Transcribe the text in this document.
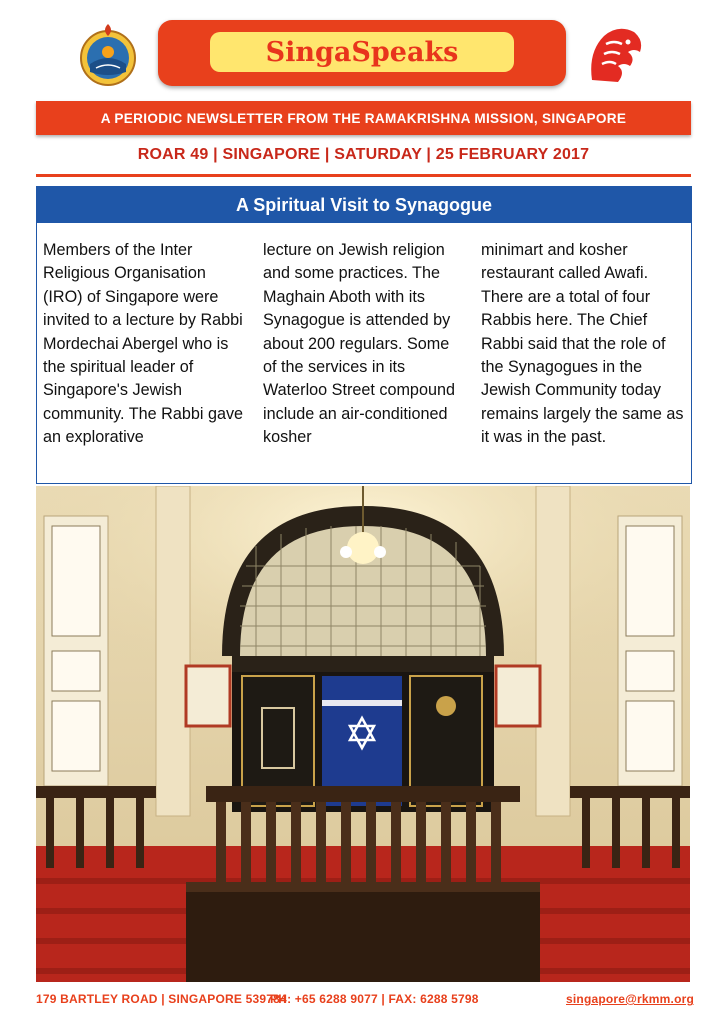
SingaSpeaks
A PERIODIC NEWSLETTER FROM THE RAMAKRISHNA MISSION, SINGAPORE
ROAR 49 | SINGAPORE | SATURDAY | 25 FEBRUARY 2017
A Spiritual Visit to Synagogue
Members of the Inter Religious Organisation (IRO) of Singapore were invited to a lecture by Rabbi Mordechai Abergel who is the spiritual leader of Singapore's Jewish community. The Rabbi gave an explorative
lecture on Jewish religion and some practices. The Maghain Aboth with its Synagogue is attended by about 200 regulars. Some of the services in its Waterloo Street compound include an air-conditioned kosher
minimart and kosher restaurant called Awafi. There are a total of four Rabbis here. The Chief Rabbi said that the role of the Synagogues in the Jewish Community today remains largely the same as it was in the past.
179 BARTLEY ROAD | SINGAPORE 539784
PH: +65 6288 9077 | FAX: 6288 5798	singapore@rkmm.org
